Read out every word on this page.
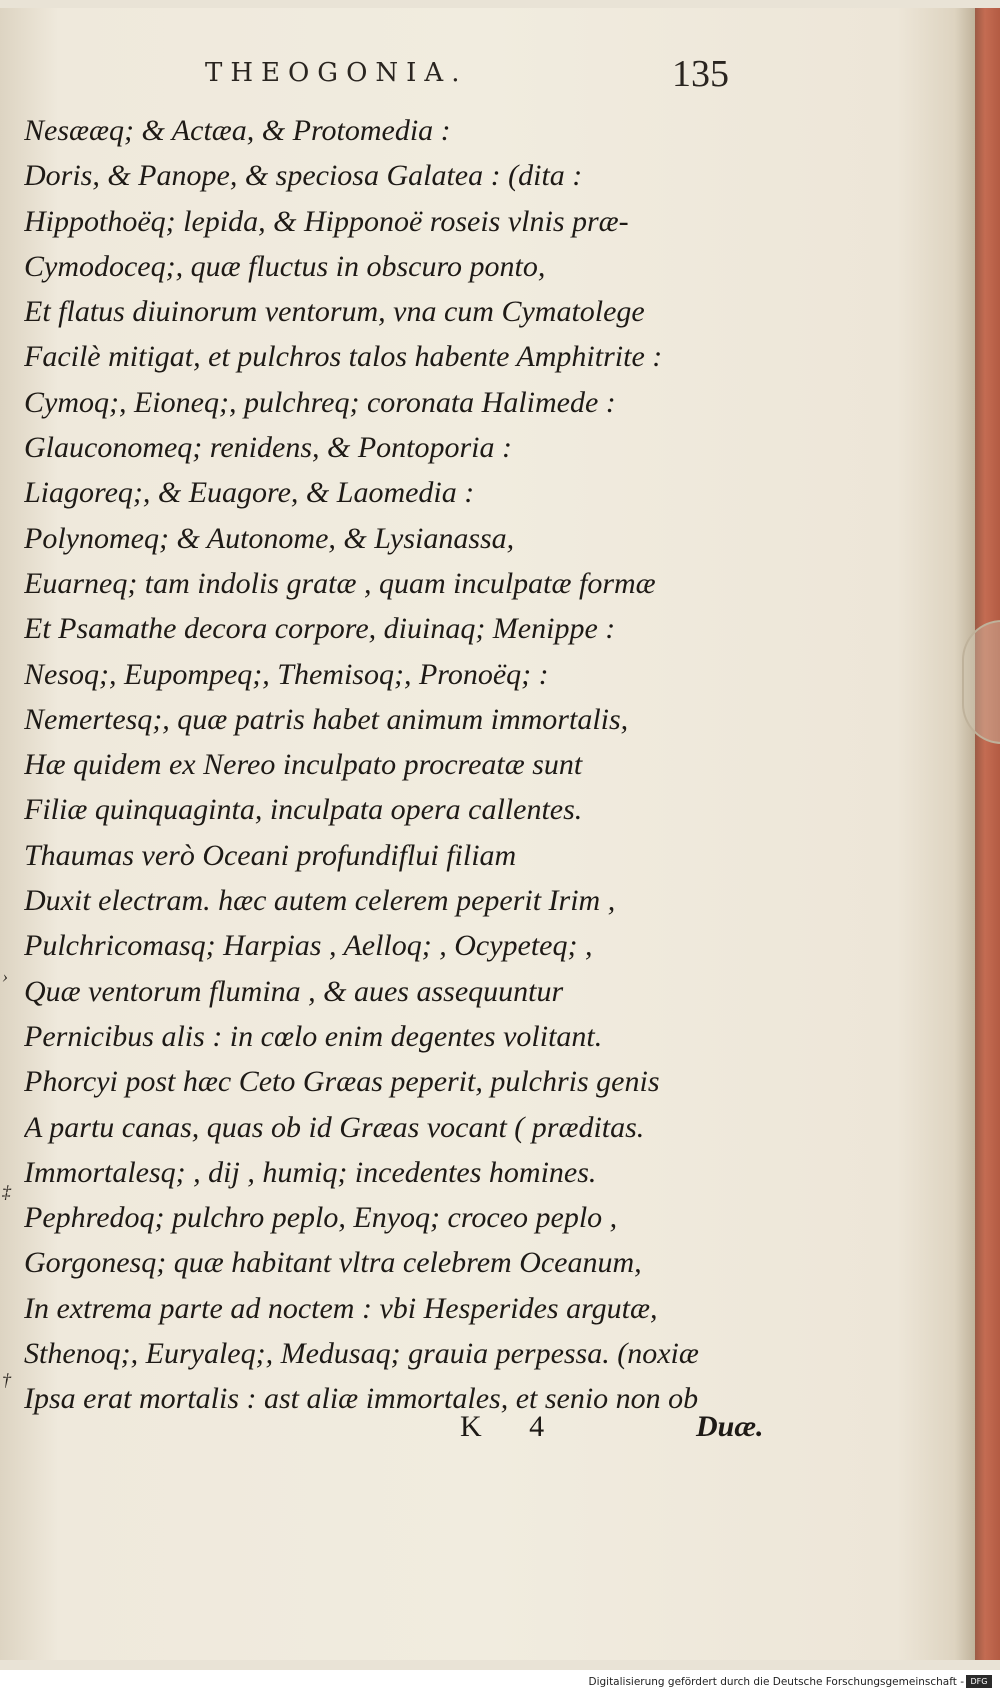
THEOGONIA.	135
Nesææq; & Actæa, & Protomedia :
Doris, & Panope, & speciosa Galatea : (dita :
Hippothoëq; lepida, & Hipponoë roseis vlnis præ-
Cymodoceq;, quæ fluctus in obscuro ponto,
Et flatus diuinorum ventorum, vna cum Cymatolege
Facilè mitigat, et pulchros talos habente Amphitrite :
Cymoq;, Eioneq;, pulchreq; coronata Halimede :
Glauconomeq; renidens, & Pontoporia :
Liagoreq;, & Euagore, & Laomedia :
Polynomeq; & Autonome, & Lysianassa,
Euarneq; tam indolis gratæ , quam inculpatæ formæ
Et Psamathe decora corpore, diuinaq; Menippe :
Nesoq;, Eupompeq;, Themisoq;, Pronoëq; :
Nemertesq;, quæ patris habet animum immortalis,
Hæ quidem ex Nereo inculpato procreatæ sunt
Filiæ quinquaginta, inculpata opera callentes.
Thaumas verò Oceani profundiflui filiam
Duxit electram. hæc autem celerem peperit Irim ,
Pulchricomasq; Harpias , Aelloq; , Ocypeteq; ,
Quæ ventorum flumina , & aues assequuntur
Pernicibus alis : in cœlo enim degentes volitant.
Phorcyi post hæc Ceto Græas peperit, pulchris genis
A partu canas, quas ob id Græas vocant ( præditas.
Immortalesq; , dij , humiq; incedentes homines.
Pephredoq; pulchro peplo, Enyoq; croceo peplo ,
Gorgonesq; quæ habitant vltra celebrem Oceanum,
In extrema parte ad noctem : vbi Hesperides argutæ,
Sthenoq;, Euryaleq;, Medusaq; grauia perpessa. (noxiæ
Ipsa erat mortalis : ast aliæ immortales, et senio non ob
›
‡
†
K 4	Duæ.
Digitalisierung gefördert durch die Deutsche Forschungsgemeinschaft - DFG
